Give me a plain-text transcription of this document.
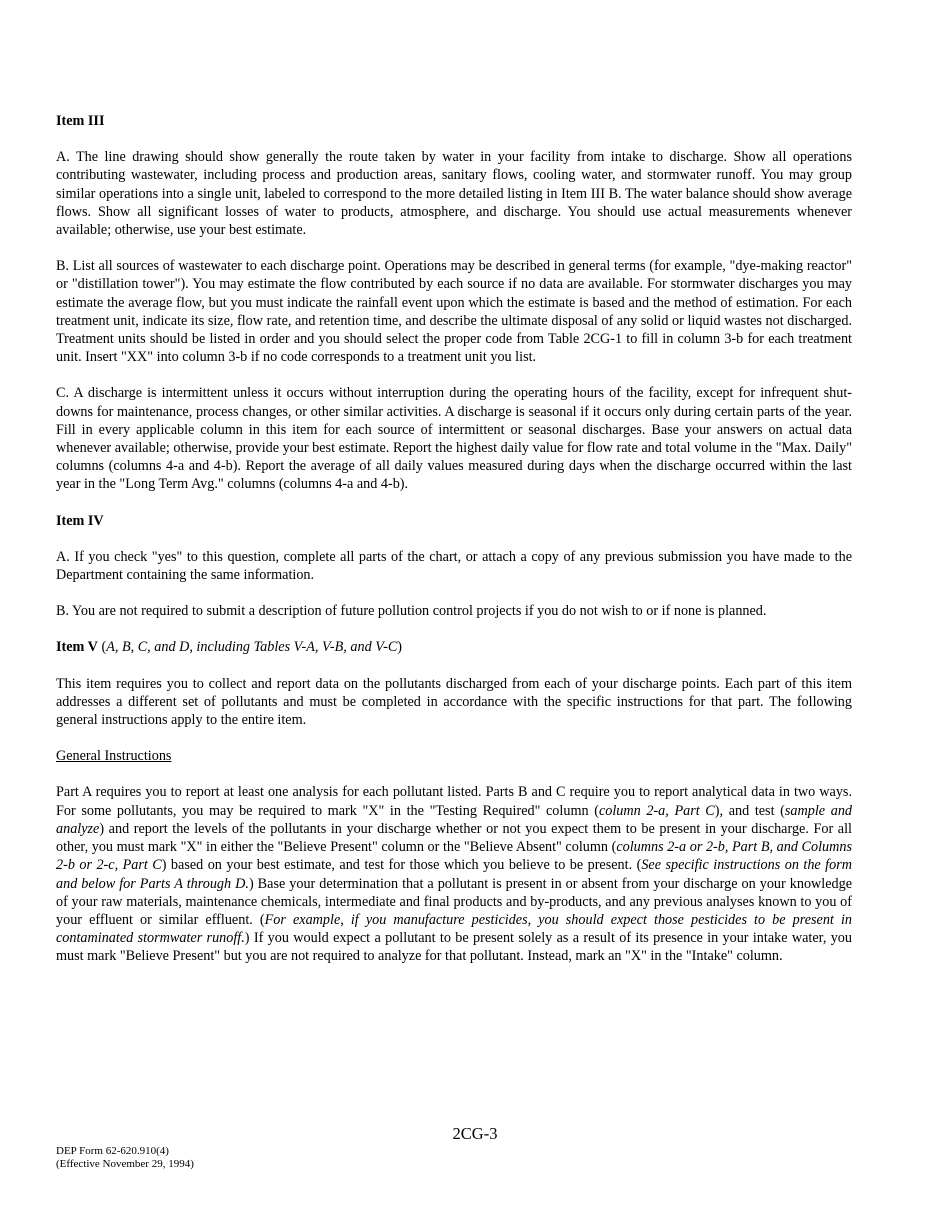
Item III

A. The line drawing should show generally the route taken by water in your facility from intake to discharge. Show all operations contributing wastewater, including process and production areas, sanitary flows, cooling water, and stormwater runoff. You may group similar operations into a single unit, labeled to correspond to the more detailed listing in Item III B. The water balance should show average flows. Show all significant losses of water to products, atmosphere, and discharge. You should use actual measurements whenever available; otherwise, use your best estimate.

B. List all sources of wastewater to each discharge point. Operations may be described in general terms (for example, "dye-making reactor" or "distillation tower"). You may estimate the flow contributed by each source if no data are available. For stormwater discharges you may estimate the average flow, but you must indicate the rainfall event upon which the estimate is based and the method of estimation. For each treatment unit, indicate its size, flow rate, and retention time, and describe the ultimate disposal of any solid or liquid wastes not discharged. Treatment units should be listed in order and you should select the proper code from Table 2CG-1 to fill in column 3-b for each treatment unit. Insert "XX" into column 3-b if no code corresponds to a treatment unit you list.

C. A discharge is intermittent unless it occurs without interruption during the operating hours of the facility, except for infrequent shut-downs for maintenance, process changes, or other similar activities. A discharge is seasonal if it occurs only during certain parts of the year. Fill in every applicable column in this item for each source of intermittent or seasonal discharges. Base your answers on actual data whenever available; otherwise, provide your best estimate. Report the highest daily value for flow rate and total volume in the "Max. Daily" columns (columns 4-a and 4-b). Report the average of all daily values measured during days when the discharge occurred within the last year in the "Long Term Avg." columns (columns 4-a and 4-b).

Item IV

A. If you check "yes" to this question, complete all parts of the chart, or attach a copy of any previous submission you have made to the Department containing the same information.

B. You are not required to submit a description of future pollution control projects if you do not wish to or if none is planned.

Item V (A, B, C, and D, including Tables V-A, V-B, and V-C)

This item requires you to collect and report data on the pollutants discharged from each of your discharge points. Each part of this item addresses a different set of pollutants and must be completed in accordance with the specific instructions for that part. The following general instructions apply to the entire item.

General Instructions

Part A requires you to report at least one analysis for each pollutant listed. Parts B and C require you to report analytical data in two ways. For some pollutants, you may be required to mark "X" in the "Testing Required" column (column 2-a, Part C), and test (sample and analyze) and report the levels of the pollutants in your discharge whether or not you expect them to be present in your discharge. For all other, you must mark "X" in either the "Believe Present" column or the "Believe Absent" column (columns 2-a or 2-b, Part B, and Columns 2-b or 2-c, Part C) based on your best estimate, and test for those which you believe to be present. (See specific instructions on the form and below for Parts A through D.) Base your determination that a pollutant is present in or absent from your discharge on your knowledge of your raw materials, maintenance chemicals, intermediate and final products and by-products, and any previous analyses known to you of your effluent or similar effluent. (For example, if you manufacture pesticides, you should expect those pesticides to be present in contaminated stormwater runoff.) If you would expect a pollutant to be present solely as a result of its presence in your intake water, you must mark "Believe Present" but you are not required to analyze for that pollutant. Instead, mark an "X" in the "Intake" column.

2CG-3
DEP Form 62-620.910(4)
(Effective November 29, 1994)
